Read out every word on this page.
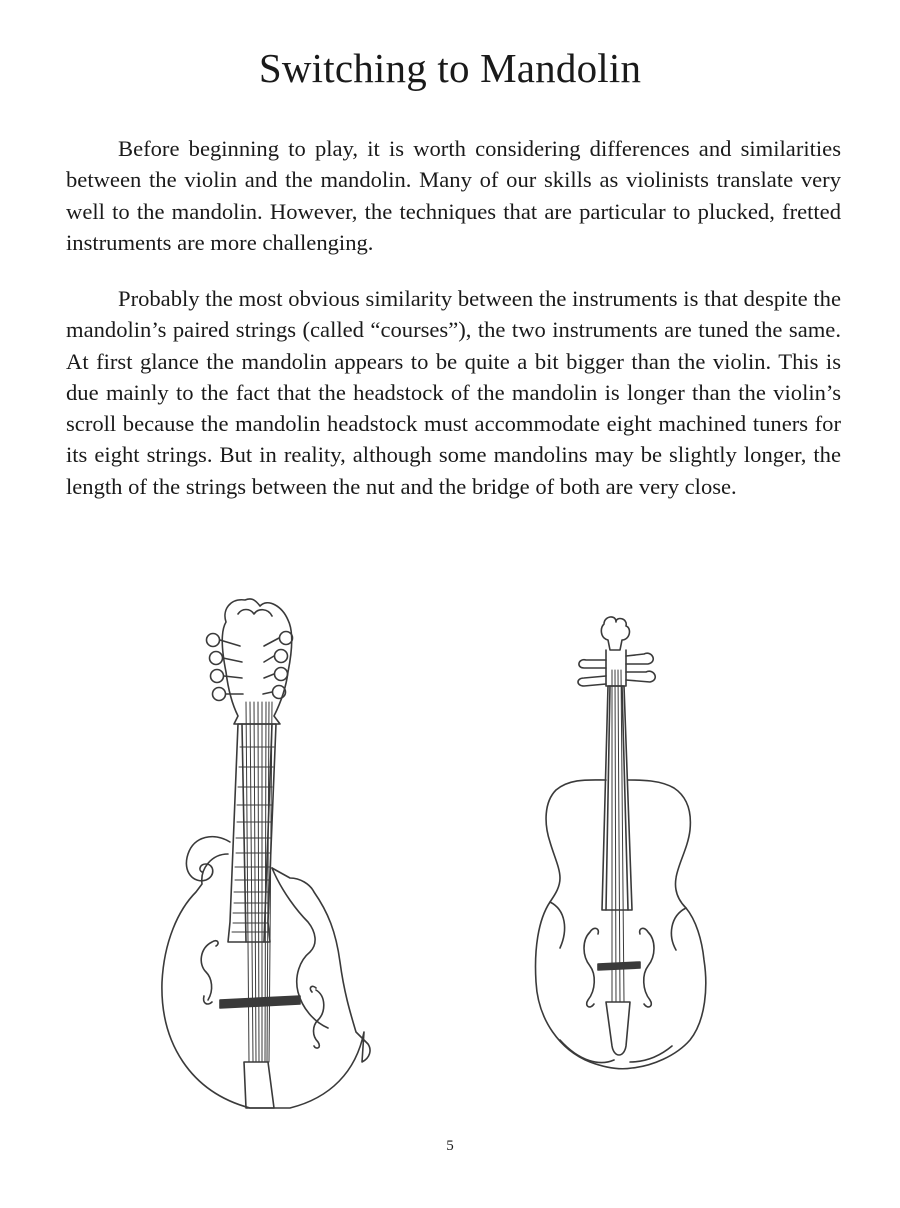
Switching to Mandolin

Before beginning to play, it is worth considering differences and similarities between the violin and the mandolin. Many of our skills as violinists translate very well to the mandolin. However, the techniques that are particular to plucked, fretted instruments are more challenging.

Probably the most obvious similarity between the instruments is that despite the mandolin’s paired strings (called “courses”), the two instruments are tuned the same. At first glance the mandolin appears to be quite a bit bigger than the violin. This is due mainly to the fact that the headstock of the mandolin is longer than the violin’s scroll because the mandolin headstock must accommodate eight machined tuners for its eight strings. But in reality, although some mandolins may be slightly longer, the length of the strings between the nut and the bridge of both are very close.

5
